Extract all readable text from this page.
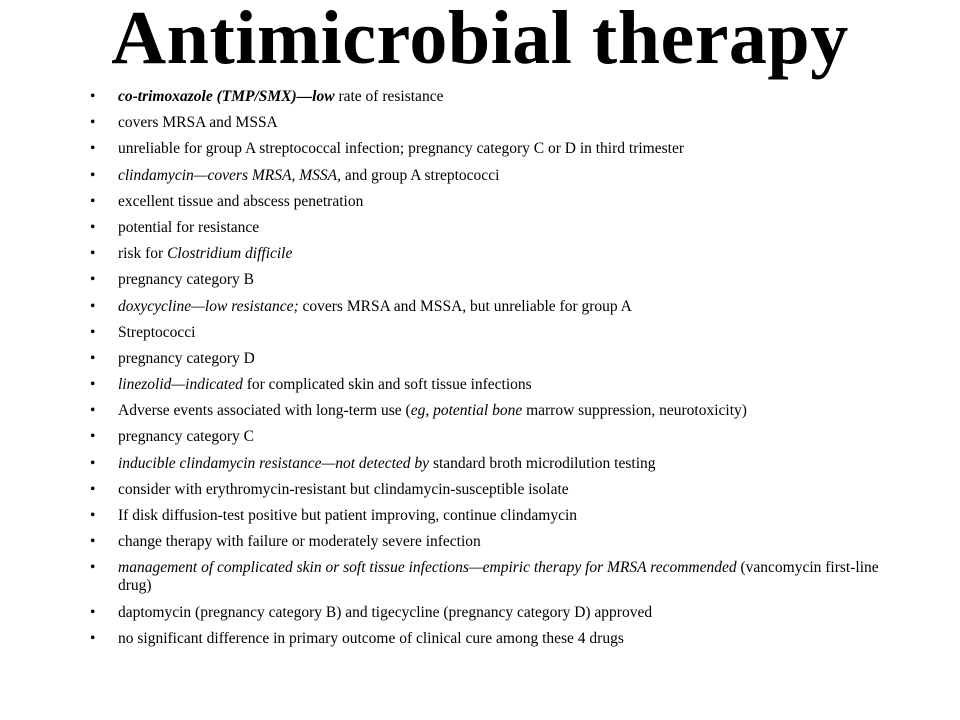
Antimicrobial therapy
• co-trimoxazole (TMP/SMX)—low rate of resistance
• covers MRSA and MSSA
• unreliable for group A streptococcal infection; pregnancy category C or D in third trimester
• clindamycin—covers MRSA, MSSA, and group A streptococci
• excellent tissue and abscess penetration
• potential for resistance
• risk for Clostridium difficile
• pregnancy category B
• doxycycline—low resistance; covers MRSA and MSSA, but unreliable for group A
• Streptococci
• pregnancy category D
• linezolid—indicated for complicated skin and soft tissue infections
• Adverse events associated with long-term use (eg, potential bone marrow suppression, neurotoxicity)
• pregnancy category C
• inducible clindamycin resistance—not detected by standard broth microdilution testing
• consider with erythromycin-resistant but clindamycin-susceptible isolate
• If disk diffusion-test positive but patient improving, continue clindamycin
• change therapy with failure or moderately severe infection
• management of complicated skin or soft tissue infections—empiric therapy for MRSA recommended (vancomycin first-line drug)
• daptomycin (pregnancy category B) and tigecycline (pregnancy category D) approved
• no significant difference in primary outcome of clinical cure among these 4 drugs
